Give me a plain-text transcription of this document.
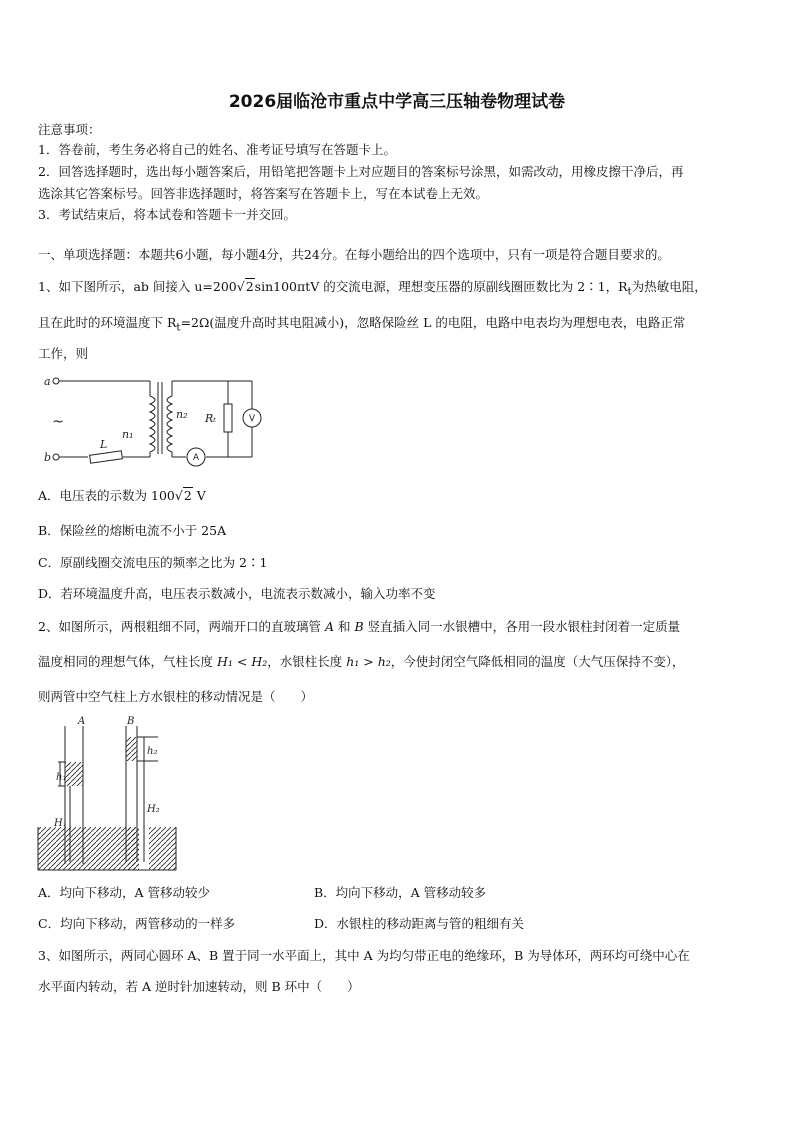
2026届临沧市重点中学高三压轴卷物理试卷
注意事项：
1．答卷前，考生务必将自己的姓名、准考证号填写在答题卡上。
2．回答选择题时，选出每小题答案后，用铅笔把答题卡上对应题目的答案标号涂黑，如需改动，用橡皮擦干净后，再
选涂其它答案标号。回答非选择题时，将答案写在答题卡上，写在本试卷上无效。
3．考试结束后，将本试卷和答题卡一并交回。
一、单项选择题：本题共6小题，每小题4分，共24分。在每小题给出的四个选项中，只有一项是符合题目要求的。
1、如下图所示，ab 间接入 u=200√2sin100πtV 的交流电源，理想变压器的原副线圈匝数比为 2∶1，$R_t$为热敏电阻，
且在此时的环境温度下 $R_t=2\Omega$(温度升高时其电阻减小)，忽略保险丝 L 的电阻，电路中电表均为理想电表，电路正常
工作，则
a
b
n₁
n₂ Rₜ
L
V
A
~
A．电压表的示数为 100√2 V
B．保险丝的熔断电流不小于 25A
C．原副线圈交流电压的频率之比为 2∶1
D．若环境温度升高，电压表示数减小，电流表示数减小，输入功率不变
2、如图所示，两根粗细不同，两端开口的直玻璃管 A 和 B 竖直插入同一水银槽中，各用一段水银柱封闭着一定质量
温度相同的理想气体，气柱长度 H₁ < H₂，水银柱长度 h₁ > h₂，今使封闭空气降低相同的温度（大气压保持不变），
则两管中空气柱上方水银柱的移动情况是（　　）
A	B
h₁
h₂
H₁
H₂
A．均向下移动，A 管移动较少	B．均向下移动，A 管移动较多
C．均向下移动，两管移动的一样多	D．水银柱的移动距离与管的粗细有关
3、如图所示，两同心圆环 A、B 置于同一水平面上，其中 A 为均匀带正电的绝缘环，B 为导体环，两环均可绕中心在
水平面内转动，若 A 逆时针加速转动，则 B 环中（　　）
